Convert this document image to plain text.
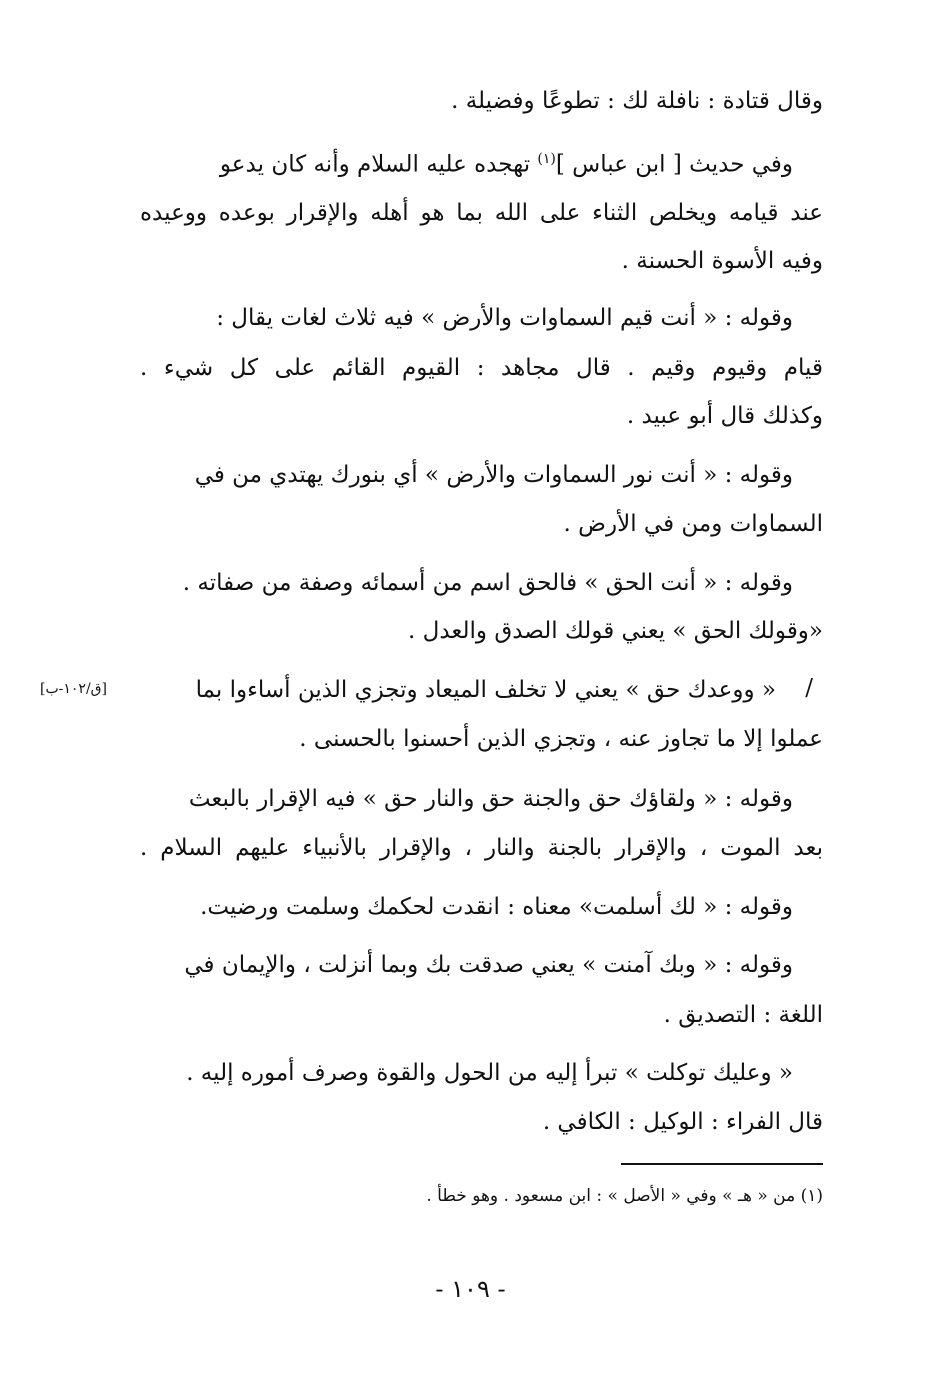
وقال قتادة : نافلة لك : تطوعًا وفضيلة .
وفي حديث [ ابن عباس ]$^{(١)}$ تهجده عليه السلام وأنه كان يدعو
عند قيامه ويخلص الثناء على الله بما هو أهله والإقرار بوعده ووعيده
وفيه الأسوة الحسنة .
وقوله : « أنت قيم السماوات والأرض » فيه ثلاث لغات يقال :
قيام وقيوم وقيم . قال مجاهد : القيوم القائم على كل شيء .
وكذلك قال أبو عبيد .
وقوله : « أنت نور السماوات والأرض » أي بنورك يهتدي من في
السماوات ومن في الأرض .
وقوله : « أنت الحق » فالحق اسم من أسمائه وصفة من صفاته .
«وقولك الحق » يعني قولك الصدق والعدل .
/
« ووعدك حق » يعني لا تخلف الميعاد وتجزي الذين أساءوا بما
[ق/١٠٢-ب]
عملوا إلا ما تجاوز عنه ، وتجزي الذين أحسنوا بالحسنى .
وقوله : « ولقاؤك حق والجنة حق والنار حق » فيه الإقرار بالبعث
بعد الموت ، والإقرار بالجنة والنار ، والإقرار بالأنبياء عليهم السلام .
وقوله : « لك أسلمت» معناه : انقدت لحكمك وسلمت ورضيت.
وقوله : « وبك آمنت » يعني صدقت بك وبما أنزلت ، والإيمان في
اللغة : التصديق .
« وعليك توكلت » تبرأ إليه من الحول والقوة وصرف أموره إليه .
قال الفراء : الوكيل : الكافي .
(١) من « هـ » وفي « الأصل » : ابن مسعود . وهو خطأ .
- ١٠٩ -
